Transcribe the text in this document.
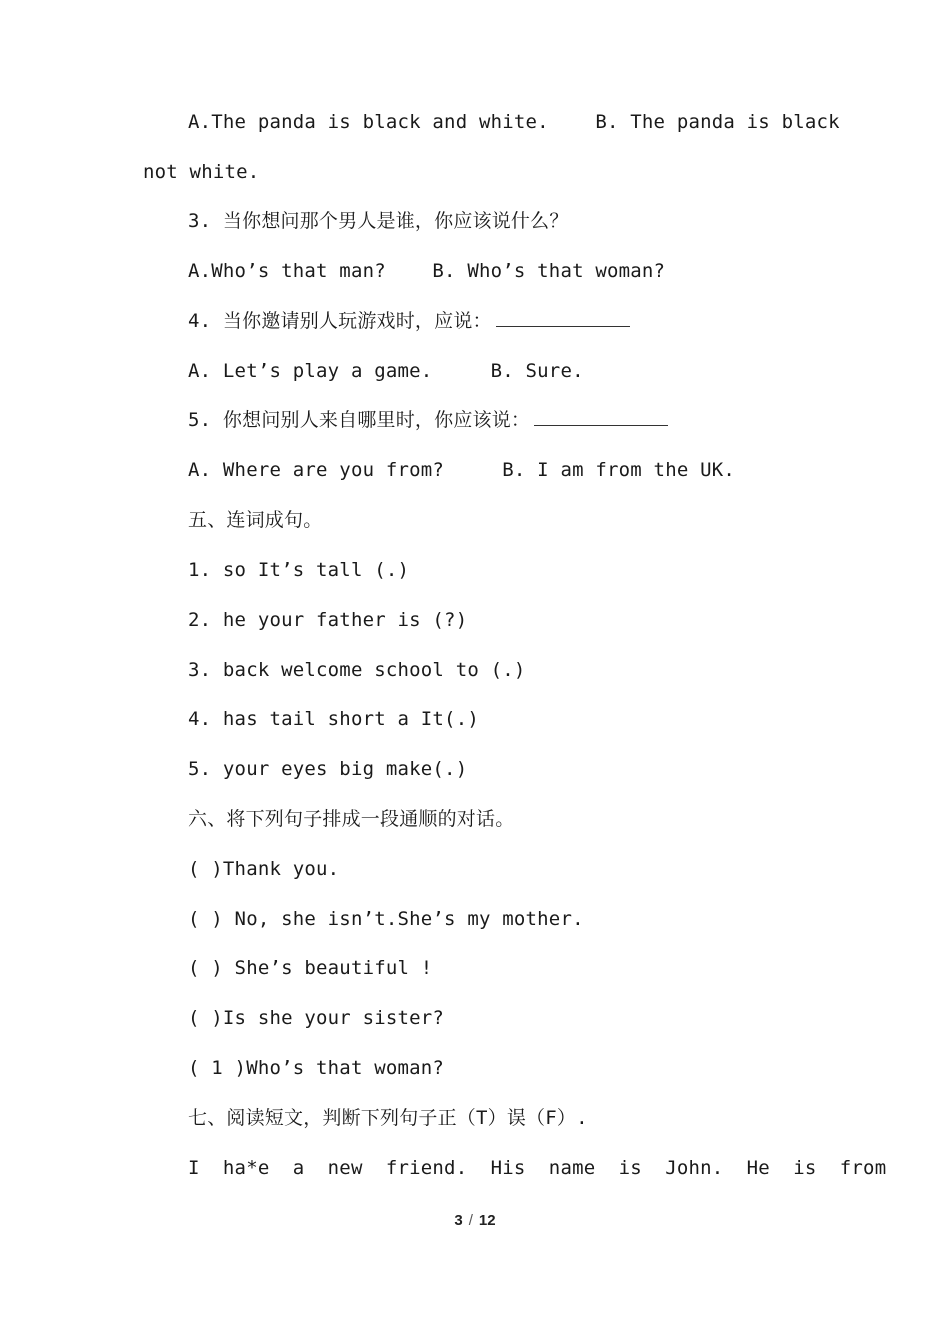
A.The panda is black and white.    B. The panda is black
not white.
3. 当你想问那个男人是谁，你应该说什么？
A.Who’s that man?    B. Who’s that woman?
4. 当你邀请别人玩游戏时，应说：
A. Let’s play a game.     B. Sure.
5. 你想问别人来自哪里时，你应该说：
A. Where are you from?     B. I am from the UK.
五、连词成句。
1. so It’s tall (.)
2. he your father is (?)
3. back welcome school to (.)
4. has tail short a It(.)
5. your eyes big make(.)
六、将下列句子排成一段通顺的对话。
( )Thank you.
( ) No, she isn’t.She’s my mother.
( ) She’s beautiful !
( )Is she your sister?
( 1 )Who’s that woman?
七、阅读短文，判断下列句子正（T）误（F）.
I  ha*e  a  new  friend.  His  name  is  John.  He  is  from
3 / 12
